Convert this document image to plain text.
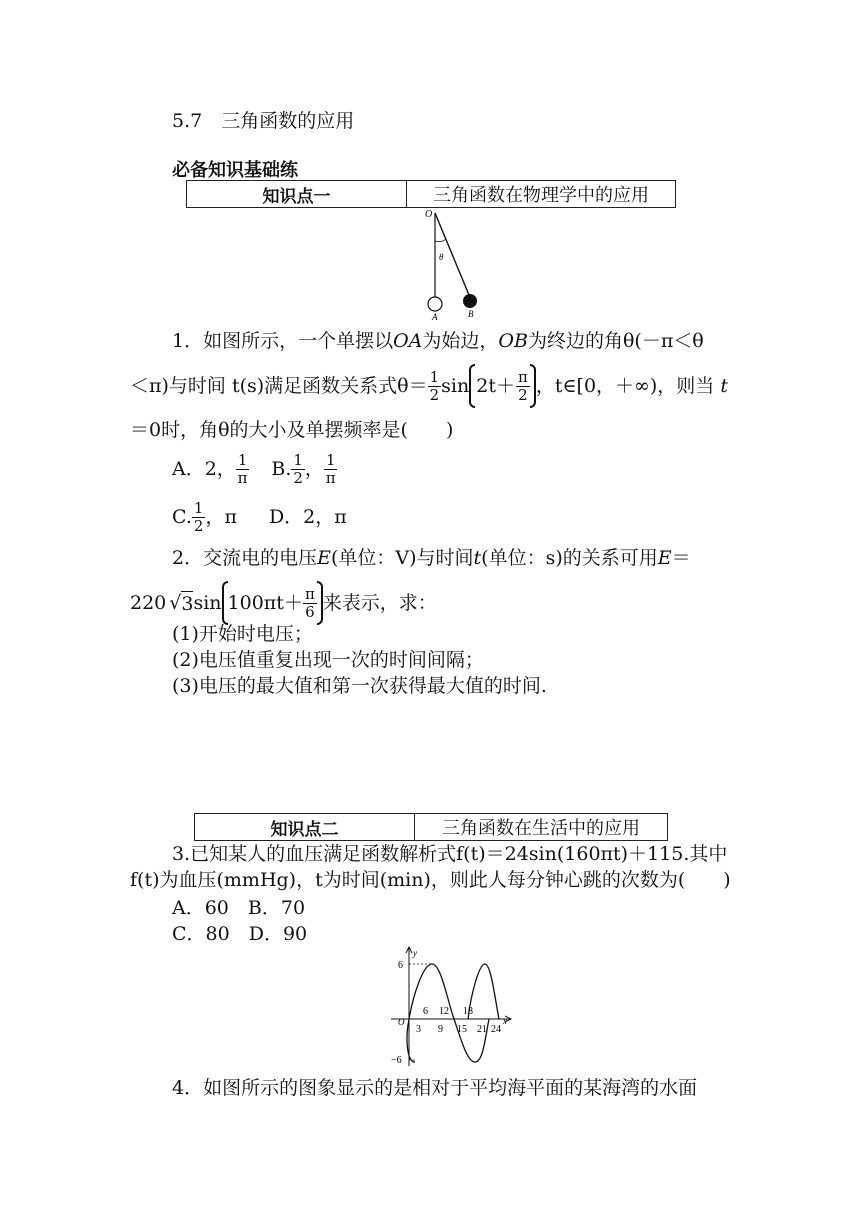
5.7　三角函数的应用
必备知识基础练
知识点一	三角函数在物理学中的应用
O
θ
A	B
1．如图所示，一个单摆以OA为始边，OB为终边的角θ(－π＜θ
＜π)与时间
t(s)满足函数关系式$\theta= \frac{1}{2}$ $\sin 2t+ \frac{\pi}{2}$ ，t∈[0，＋∞)，则当
t
＝0时，角θ的大小及单摆频率是(　　)
A．2， $\frac{1}{\pi} B$. $\frac{1}{2}$ ， $\frac{1}{\pi}$
C. $\frac{1}{2}$ ，π D．2，π
2．交流电的电压E(单位：V)与时间t(单位：s)的关系可用E＝
220 √ 3 $\sin 100\pi t+ \frac{\pi}{6}$ 来表示，求：
(1)开始时电压；
(2)电压值重复出现一次的时间间隔；
(3)电压的最大值和第一次获得最大值的时间.
知识点二	三角函数在生活中的应用
3.已知某人的血压满足函数解析式f(t)＝24sin(160πt)＋115.其中
f(t)为血压(mmHg)，t为时间(min)，则此人每分钟心跳的次数为(　　)
A．60　B．70
C．80　D．90
y
x
O
6
−6
6 12 18
3 9 15 21 24
4．如图所示的图象显示的是相对于平均海平面的某海湾的水面
